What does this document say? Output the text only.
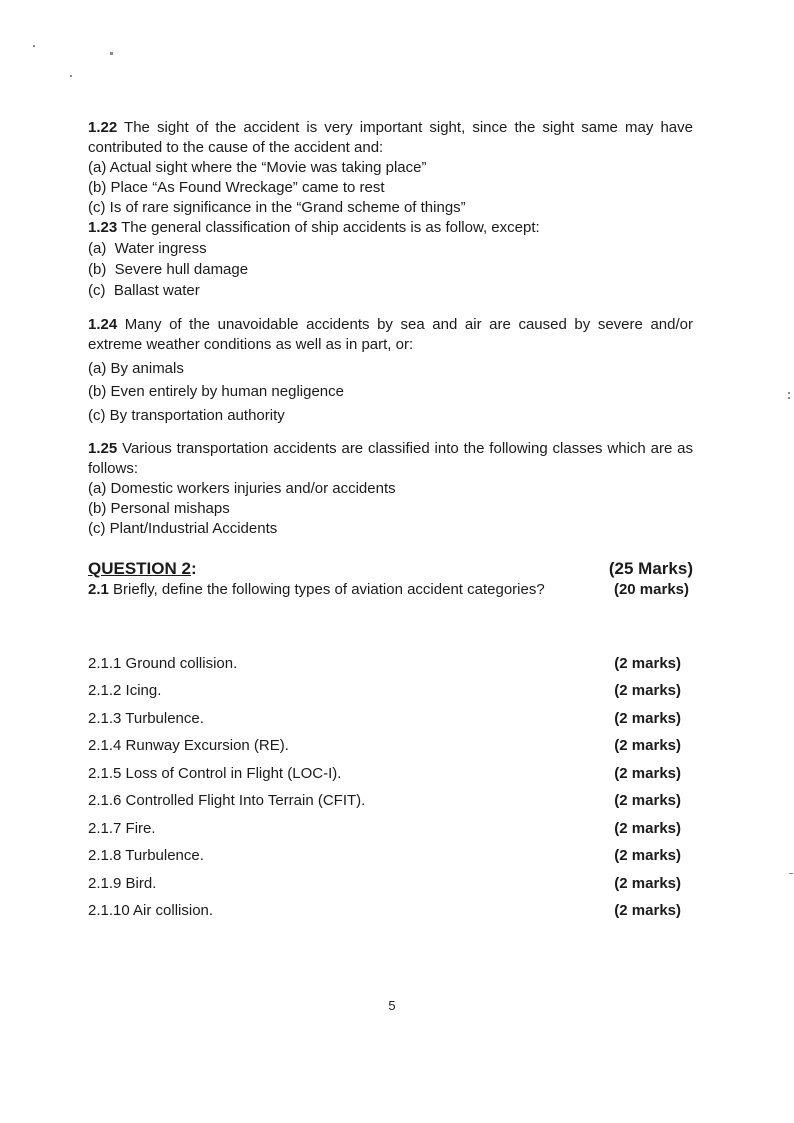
1.22 The sight of the accident is very important sight, since the sight same may have contributed to the cause of the accident and:

(a) Actual sight where the “Movie was taking place”
(b) Place “As Found Wreckage” came to rest
(c) Is of rare significance in the “Grand scheme of things”

1.23 The general classification of ship accidents is as follow, except:

(a)  Water ingress
(b)  Severe hull damage
(c)  Ballast water

1.24 Many of the unavoidable accidents by sea and air are caused by severe and/or extreme weather conditions as well as in part, or:

(a) By animals
(b) Even entirely by human negligence
(c) By transportation authority

1.25 Various transportation accidents are classified into the following classes which are as follows:

(a) Domestic workers injuries and/or accidents
(b) Personal mishaps
(c) Plant/Industrial Accidents
QUESTION 2:	(25 Marks)
2.1 Briefly, define the following types of aviation accident categories?	(20 marks)
2.1.1 Ground collision.	(2 marks)
2.1.2 Icing.	(2 marks)
2.1.3 Turbulence.	(2 marks)
2.1.4 Runway Excursion (RE).	(2 marks)
2.1.5 Loss of Control in Flight (LOC-I).	(2 marks)
2.1.6 Controlled Flight Into Terrain (CFIT).	(2 marks)
2.1.7 Fire.	(2 marks)
2.1.8 Turbulence.	(2 marks)
2.1.9 Bird.	(2 marks)
2.1.10 Air collision.	(2 marks)
5
